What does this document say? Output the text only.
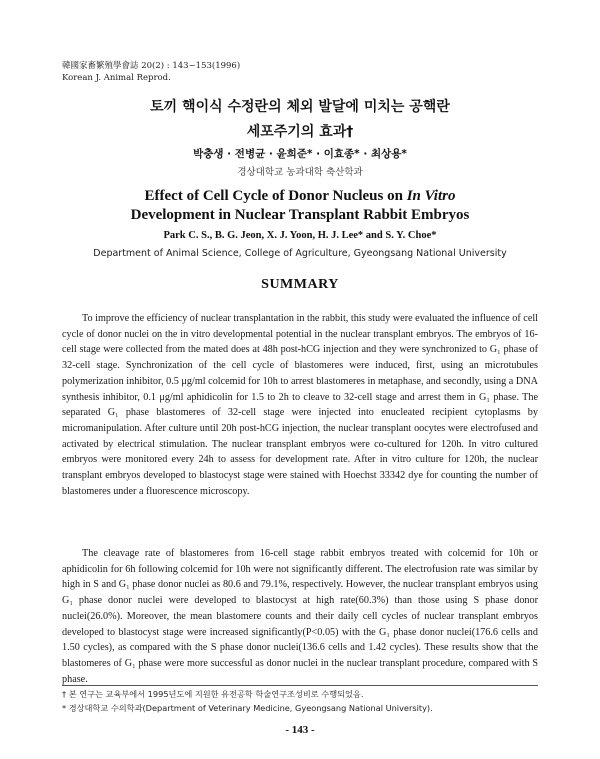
韓國家畜繁殖學會誌 20(2) : 143~153(1996)
Korean J. Animal Reprod.
토끼 핵이식 수정란의 체외 발달에 미치는 공핵란
세포주기의 효과†
박충생 · 전병균 · 윤희준* · 이효종* · 최상용*
경상대학교 농과대학 축산학과
Effect of Cell Cycle of Donor Nucleus on In Vitro
Development in Nuclear Transplant Rabbit Embryos
Park C. S., B. G. Jeon, X. J. Yoon, H. J. Lee* and S. Y. Choe*
Department of Animal Science, College of Agriculture, Gyeongsang National University
SUMMARY

To improve the efficiency of nuclear transplantation in the rabbit, this study were evaluated the influence of cell cycle of donor nuclei on the in vitro developmental potential in the nuclear transplant embryos. The embryos of 16-cell stage were collected from the mated does at 48h post-hCG injection and they were synchronized to G₁ phase of 32-cell stage. Synchronization of the cell cycle of blastomeres were induced, first, using an microtubules polymerization inhibitor, 0.5 μg/ml colcemid for 10h to arrest blastomeres in metaphase, and secondly, using a DNA synthesis inhibitor, 0.1 μg/ml aphidicolin for 1.5 to 2h to cleave to 32-cell stage and arrest them in G₁ phase. The separated G₁ phase blastomeres of 32-cell stage were injected into enucleated recipient cytoplasms by micromanipulation. After culture until 20h post-hCG injection, the nuclear transplant oocytes were electrofused and activated by electrical stimulation. The nuclear transplant embryos were co-cultured for 120h. In vitro cultured embryos were monitored every 24h to assess for development rate. After in vitro culture for 120h, the nuclear transplant embryos developed to blastocyst stage were stained with Hoechst 33342 dye for counting the number of blastomeres under a fluorescence microscopy.

The cleavage rate of blastomeres from 16-cell stage rabbit embryos treated with colcemid for 10h or aphidicolin for 6h following colcemid for 10h were not significantly different. The electrofusion rate was similar by high in S and G₁ phase donor nuclei as 80.6 and 79.1%, respectively. However, the nuclear transplant embryos using G₁ phase donor nuclei were developed to blastocyst at high rate(60.3%) than those using S phase donor nuclei(26.0%). Moreover, the mean blastomere counts and their daily cell cycles of nuclear transplant embryos developed to blastocyst stage were increased significantly(P<0.05) with the G₁ phase donor nuclei(176.6 cells and 1.50 cycles), as compared with the S phase donor nuclei(136.6 cells and 1.42 cycles). These results show that the blastomeres of G₁ phase were more successful as donor nuclei in the nuclear transplant procedure, compared with S phase.

† 본 연구는 교육부에서 1995년도에 지원한 유전공학 학술연구조성비로 수행되었음.
* 경상대학교 수의학과(Department of Veterinary Medicine, Gyeongsang National University).
- 143 -
